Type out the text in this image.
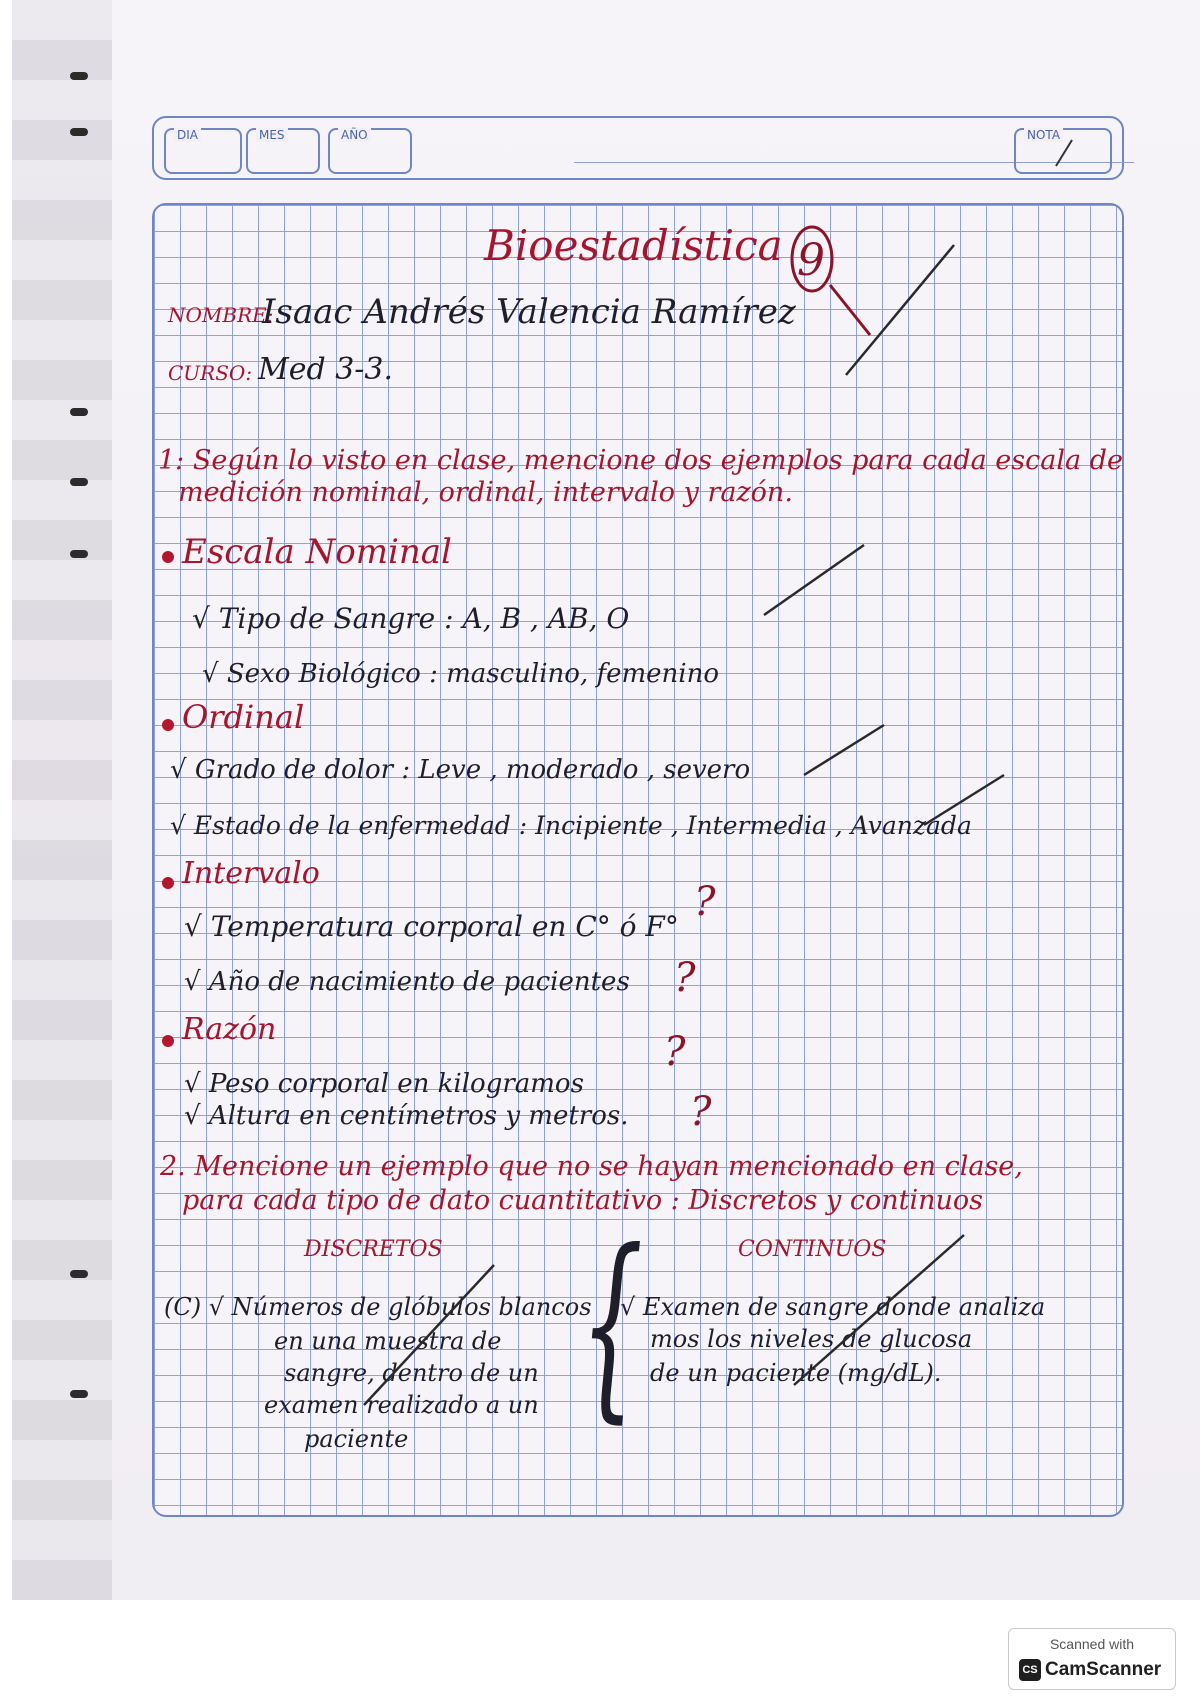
DIA	MES	AÑO	NOTA
Bioestadística 9
NOMBRE:
Isaac Andrés Valencia Ramírez
CURSO: Med 3-3.
1: Según lo visto en clase, mencione dos ejemplos para cada escala de
medición nominal, ordinal, intervalo y razón.
Escala Nominal
√ Tipo de Sangre : A, B , AB, O
√ Sexo Biológico : masculino, femenino
Ordinal
√ Grado de dolor : Leve , moderado , severo
√ Estado de la enfermedad : Incipiente , Intermedia , Avanzada
Intervalo
√ Temperatura corporal en C° ó F°
√ Año de nacimiento de pacientes
Razón
√ Peso corporal en kilogramos
√ Altura en centímetros y metros.
?
?
?
?
2. Mencione un ejemplo que no se hayan mencionado en clase,
para cada tipo de dato cuantitativo : Discretos y continuos
DISCRETOS	CONTINUOS
{
(C) √ Números de glóbulos blancos
en una muestra de
sangre, dentro de un
examen realizado a un
paciente
√ Examen de sangre donde analiza
mos los niveles de glucosa
de un paciente (mg/dL).
Scanned with
CS CamScanner
